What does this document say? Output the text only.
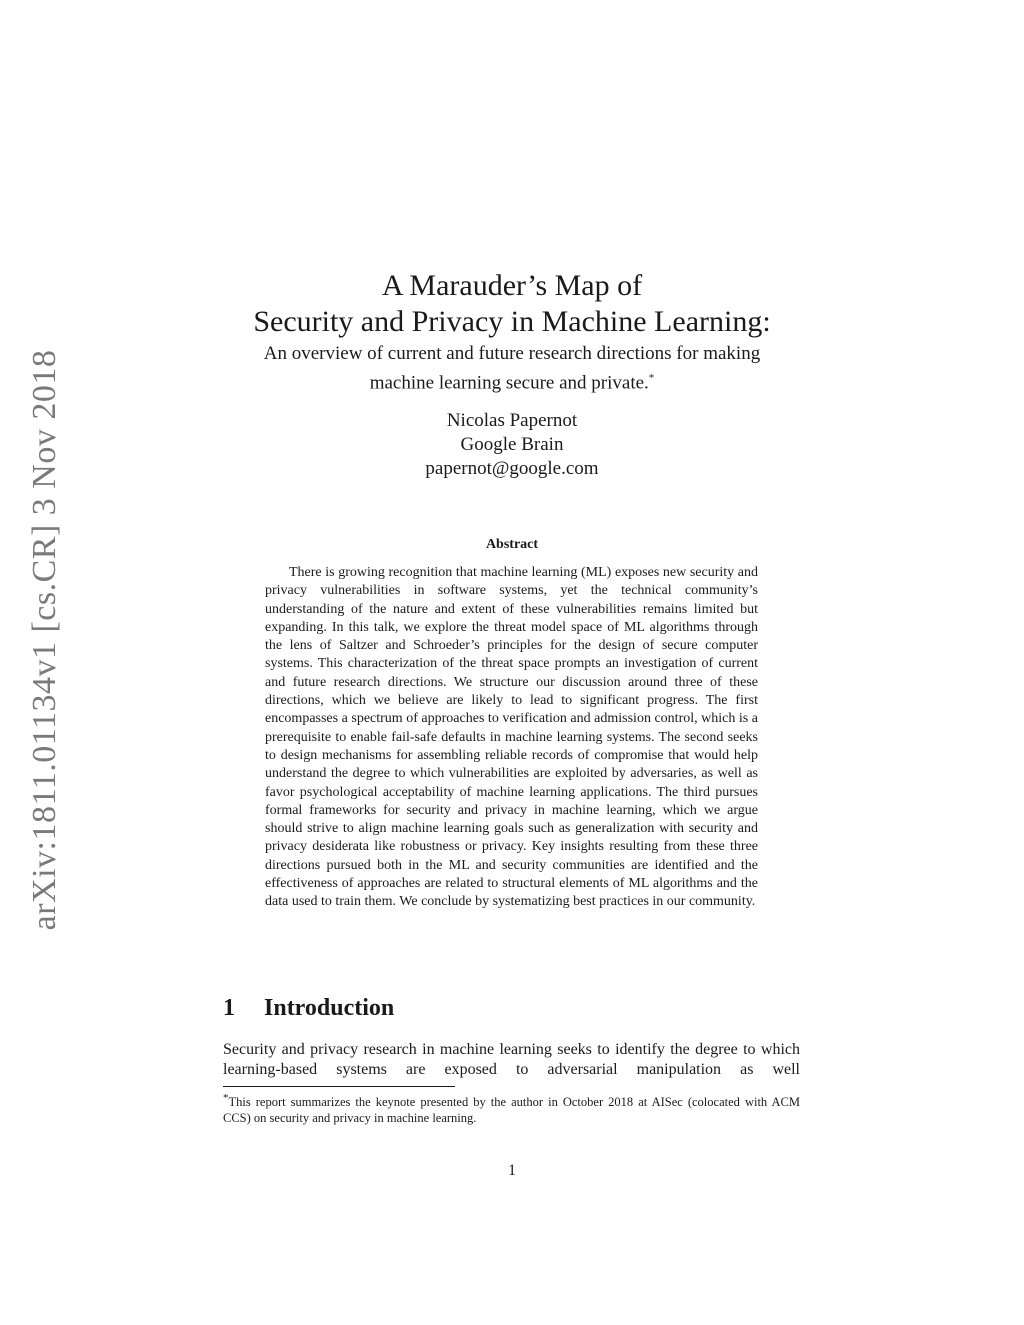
arXiv:1811.01134v1 [cs.CR] 3 Nov 2018
A Marauder’s Map of
Security and Privacy in Machine Learning:
An overview of current and future research directions for making
machine learning secure and private.*
Nicolas Papernot
Google Brain
papernot@google.com
Abstract

There is growing recognition that machine learning (ML) exposes new security and privacy vulnerabilities in software systems, yet the technical community’s understanding of the nature and extent of these vulnerabilities remains limited but expanding. In this talk, we explore the threat model space of ML algorithms through the lens of Saltzer and Schroeder’s principles for the design of secure computer systems. This characterization of the threat space prompts an investigation of current and future research directions. We structure our discussion around three of these directions, which we believe are likely to lead to significant progress. The first encompasses a spectrum of approaches to verification and admission control, which is a prerequisite to enable fail-safe defaults in machine learning systems. The second seeks to design mechanisms for assembling reliable records of compromise that would help understand the degree to which vulnerabilities are exploited by adversaries, as well as favor psychological acceptability of machine learning applications. The third pursues formal frameworks for security and privacy in machine learning, which we argue should strive to align machine learning goals such as generalization with security and privacy desiderata like robustness or privacy. Key insights resulting from these three directions pursued both in the ML and security communities are identified and the effectiveness of approaches are related to structural elements of ML algorithms and the data used to train them. We conclude by systematizing best practices in our community.

1 Introduction

Security and privacy research in machine learning seeks to identify the degree to which learning-based systems are exposed to adversarial manipulation as well

*This report summarizes the keynote presented by the author in October 2018 at AISec (colocated with ACM CCS) on security and privacy in machine learning.

1
